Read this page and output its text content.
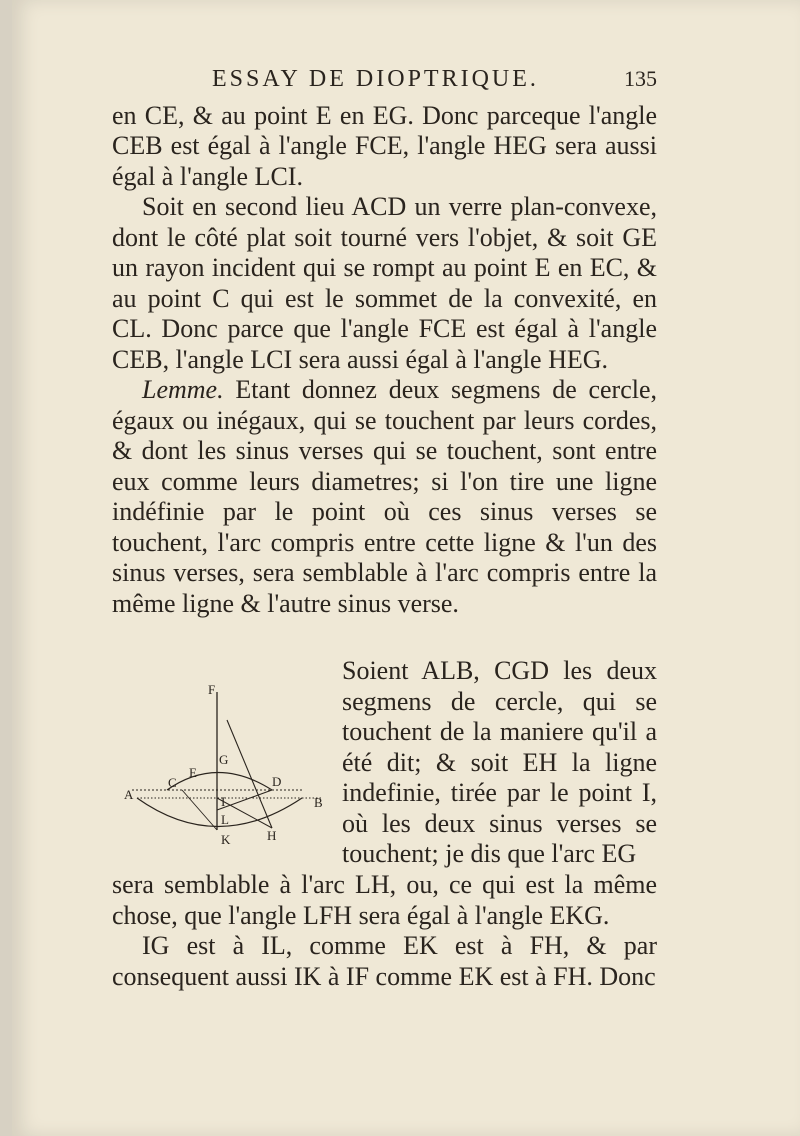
ESSAY DE DIOPTRIQUE.	135

en CE, & au point E en EG. Donc parceque l'angle CEB est égal à l'angle FCE, l'angle HEG sera aussi égal à l'angle LCI.

Soit en second lieu ACD un verre plan-convexe, dont le côté plat soit tourné vers l'objet, & soit GE un rayon incident qui se rompt au point E en EC, & au point C qui est le sommet de la convexité, en CL. Donc parce que l'angle FCE est égal à l'angle CEB, l'angle LCI sera aussi égal à l'angle HEG.

Lemme. Etant donnez deux segmens de cercle, égaux ou inégaux, qui se touchent par leurs cordes, & dont les sinus verses qui se touchent, sont entre eux comme leurs diametres; si l'on tire une ligne indéfinie par le point où ces sinus verses se touchent, l'arc compris entre cette ligne & l'un des sinus verses, sera semblable à l'arc compris entre la même ligne & l'autre sinus verse.

F
G
E
C	D
A
B
I
L
K	H

Soient ALB, CGD les deux segmens de cercle, qui se touchent de la maniere qu'il a été dit; & soit EH la ligne indefinie, tirée par le point I, où les deux sinus verses se touchent; je dis que l'arc EG

sera semblable à l'arc LH, ou, ce qui est la même chose, que l'angle LFH sera égal à l'angle EKG.

IG est à IL, comme EK est à FH, & par consequent aussi IK à IF comme EK est à FH. Donc
